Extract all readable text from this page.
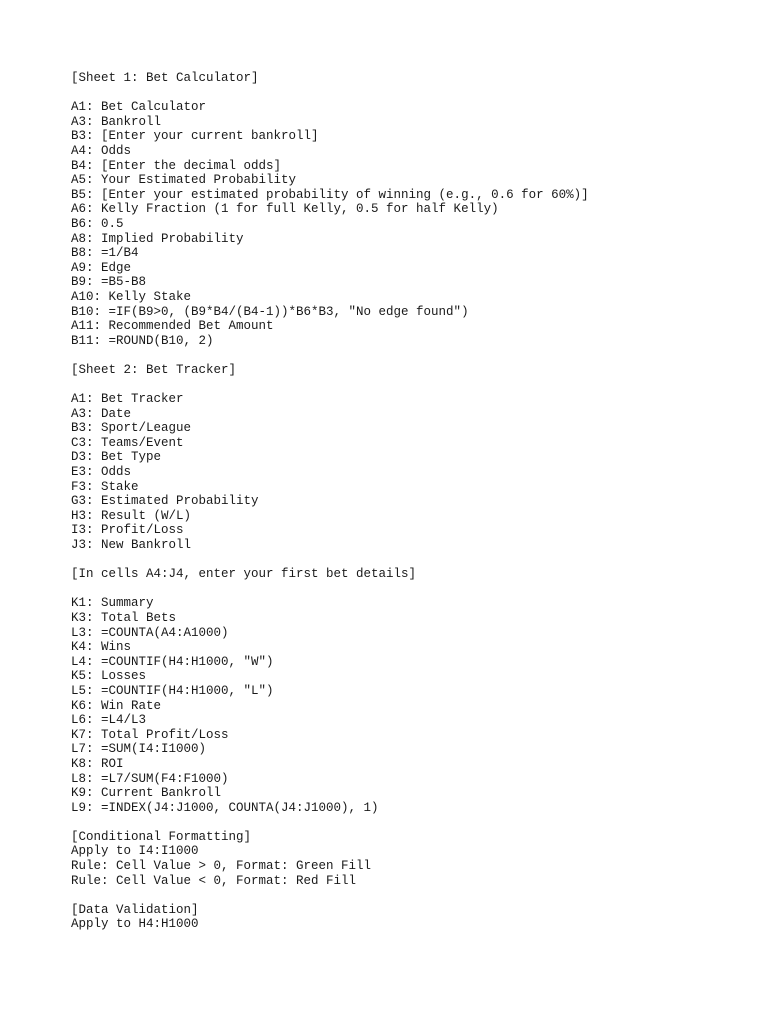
[Sheet 1: Bet Calculator]
A1: Bet Calculator
A3: Bankroll
B3: [Enter your current bankroll]
A4: Odds
B4: [Enter the decimal odds]
A5: Your Estimated Probability
B5: [Enter your estimated probability of winning (e.g., 0.6 for 60%)]
A6: Kelly Fraction (1 for full Kelly, 0.5 for half Kelly)
B6: 0.5
A8: Implied Probability
B8: =1/B4
A9: Edge
B9: =B5-B8
A10: Kelly Stake
B10: =IF(B9>0, (B9*B4/(B4-1))*B6*B3, "No edge found")
A11: Recommended Bet Amount
B11: =ROUND(B10, 2)
[Sheet 2: Bet Tracker]
A1: Bet Tracker
A3: Date
B3: Sport/League
C3: Teams/Event
D3: Bet Type
E3: Odds
F3: Stake
G3: Estimated Probability
H3: Result (W/L)
I3: Profit/Loss
J3: New Bankroll
[In cells A4:J4, enter your first bet details]
K1: Summary
K3: Total Bets
L3: =COUNTA(A4:A1000)
K4: Wins
L4: =COUNTIF(H4:H1000, "W")
K5: Losses
L5: =COUNTIF(H4:H1000, "L")
K6: Win Rate
L6: =L4/L3
K7: Total Profit/Loss
L7: =SUM(I4:I1000)
K8: ROI
L8: =L7/SUM(F4:F1000)
K9: Current Bankroll
L9: =INDEX(J4:J1000, COUNTA(J4:J1000), 1)
[Conditional Formatting]
Apply to I4:I1000
Rule: Cell Value > 0, Format: Green Fill
Rule: Cell Value < 0, Format: Red Fill
[Data Validation]
Apply to H4:H1000
